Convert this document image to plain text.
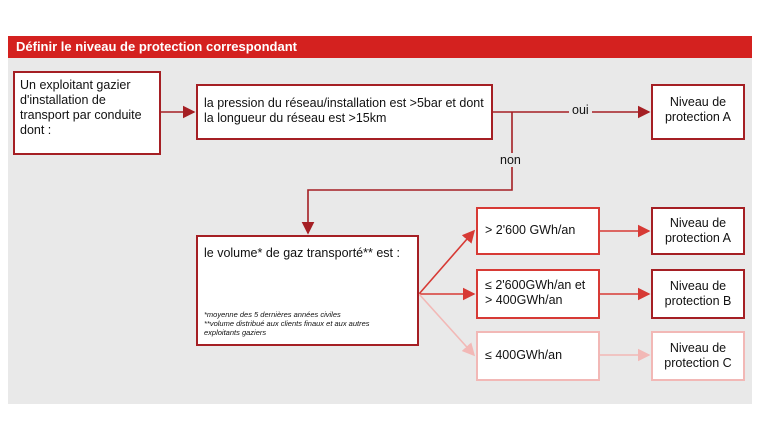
Définir le niveau de protection correspondant
oui
non
Un exploitant gazier d'installation de transport par conduite dont :
la pression du réseau/installation est >5bar et dont la longueur du réseau est >15km
Niveau de protection A
le volume* de gaz transporté** est :
*moyenne des 5 dernières années civiles
**volume distribué aux clients finaux et aux autres exploitants gaziers
> 2'600 GWh/an
≤ 2'600GWh/an et > 400GWh/an
≤ 400GWh/an
Niveau de protection A
Niveau de protection B
Niveau de protection C
